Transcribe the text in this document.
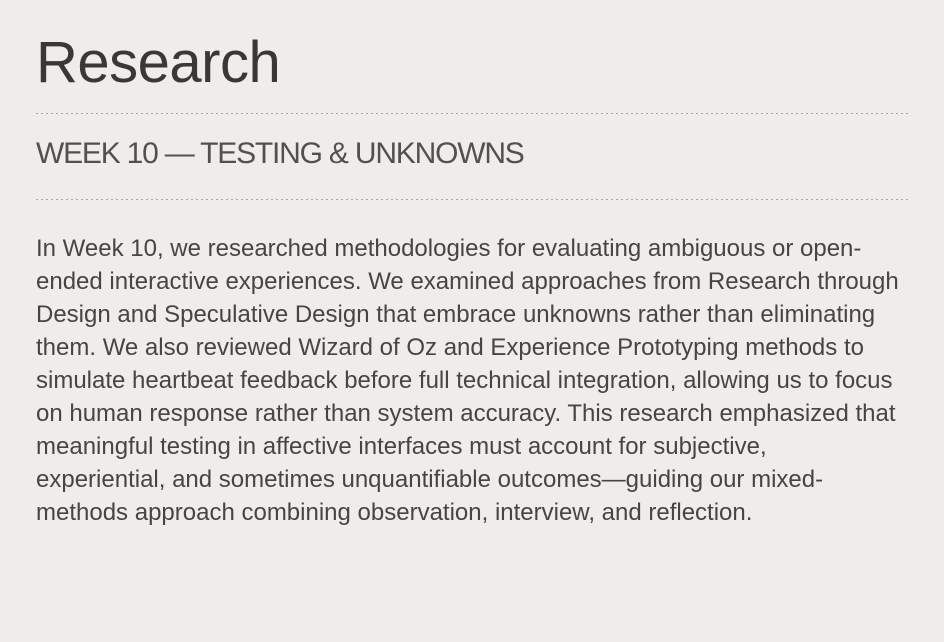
Research
WEEK 10 — TESTING & UNKNOWNS
In Week 10, we researched methodologies for evaluating ambiguous or open-
ended interactive experiences. We examined approaches from Research through
Design and Speculative Design that embrace unknowns rather than eliminating
them. We also reviewed Wizard of Oz and Experience Prototyping methods to
simulate heartbeat feedback before full technical integration, allowing us to focus
on human response rather than system accuracy. This research emphasized that
meaningful testing in affective interfaces must account for subjective,
experiential, and sometimes unquantifiable outcomes—guiding our mixed-
methods approach combining observation, interview, and reflection.
